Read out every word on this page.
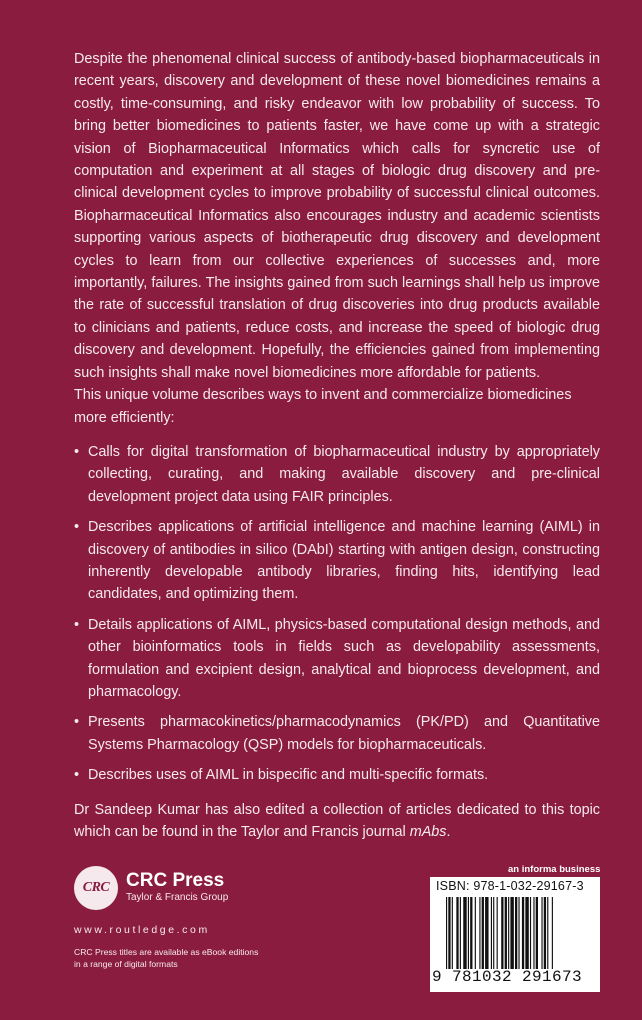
Despite the phenomenal clinical success of antibody-based biopharmaceuticals in recent years, discovery and development of these novel biomedicines remains a costly, time-consuming, and risky endeavor with low probability of success. To bring better biomedicines to patients faster, we have come up with a strategic vision of Biopharmaceutical Informatics which calls for syncretic use of computation and experiment at all stages of biologic drug discovery and pre-clinical development cycles to improve probability of successful clinical outcomes. Biopharmaceutical Informatics also encourages industry and academic scientists supporting various aspects of biotherapeutic drug discovery and development cycles to learn from our collective experiences of successes and, more importantly, failures. The insights gained from such learnings shall help us improve the rate of successful translation of drug discoveries into drug products available to clinicians and patients, reduce costs, and increase the speed of biologic drug discovery and development. Hopefully, the efficiencies gained from implementing such insights shall make novel biomedicines more affordable for patients.

This unique volume describes ways to invent and commercialize biomedicines more efficiently:

• Calls for digital transformation of biopharmaceutical industry by appropriately collecting, curating, and making available discovery and pre-clinical development project data using FAIR principles.
• Describes applications of artificial intelligence and machine learning (AIML) in discovery of antibodies in silico (DAbI) starting with antigen design, constructing inherently developable antibody libraries, finding hits, identifying lead candidates, and optimizing them.
• Details applications of AIML, physics-based computational design methods, and other bioinformatics tools in fields such as developability assessments, formulation and excipient design, analytical and bioprocess development, and pharmacology.
• Presents pharmacokinetics/pharmacodynamics (PK/PD) and Quantitative Systems Pharmacology (QSP) models for biopharmaceuticals.
• Describes uses of AIML in bispecific and multi-specific formats.

Dr Sandeep Kumar has also edited a collection of articles dedicated to this topic which can be found in the Taylor and Francis journal mAbs.

CRC CRC Press
Taylor & Francis Group
www.routledge.com
CRC Press titles are available as eBook editions
in a range of digital formats
an informa business
ISBN: 978-1-032-29167-3
9 781032 291673
